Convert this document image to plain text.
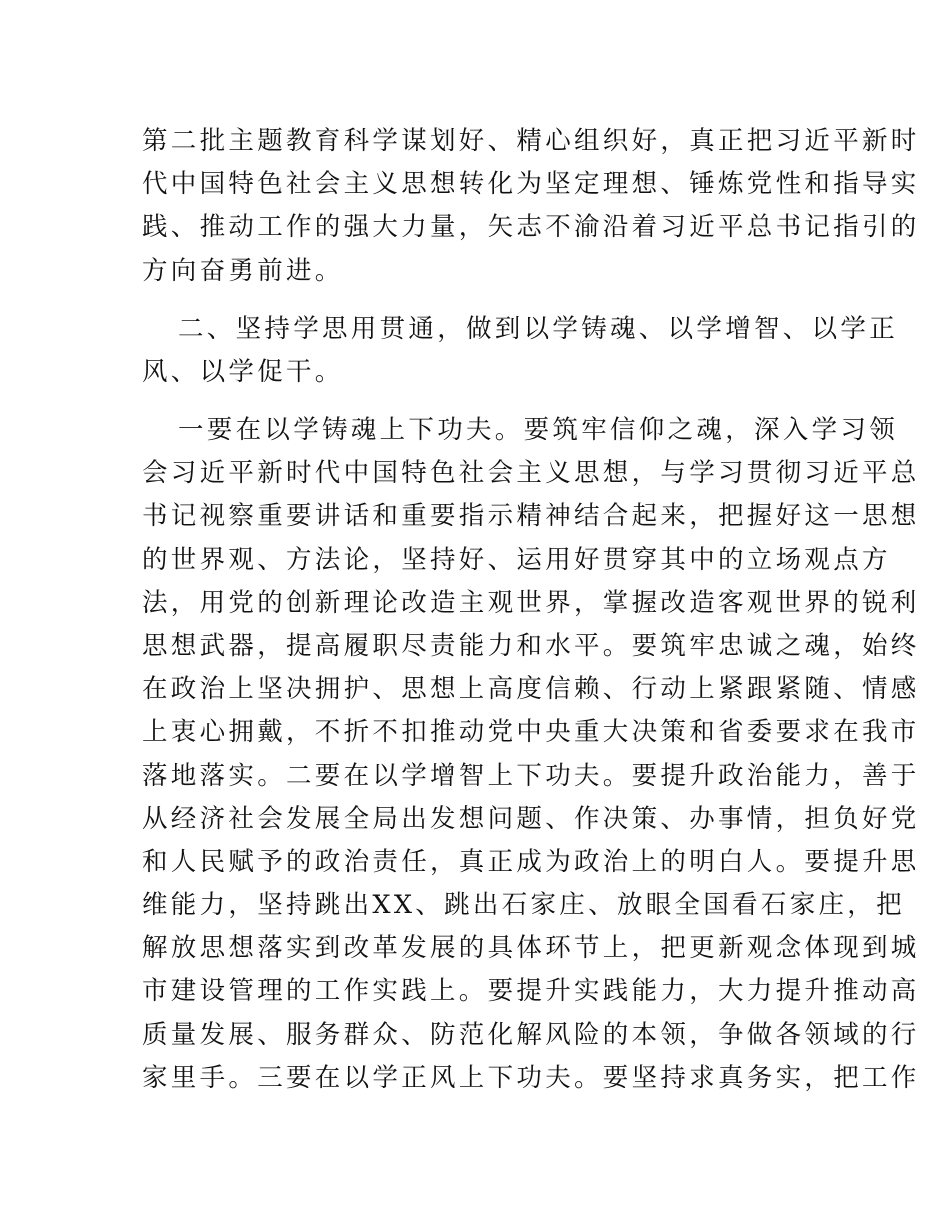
第二批主题教育科学谋划好、精心组织好，真正把习近平新时
代中国特色社会主义思想转化为坚定理想、锤炼党性和指导实
践、推动工作的强大力量，矢志不渝沿着习近平总书记指引的
方向奋勇前进。
二、坚持学思用贯通，做到以学铸魂、以学增智、以学正
风、以学促干。
一要在以学铸魂上下功夫。要筑牢信仰之魂，深入学习领
会习近平新时代中国特色社会主义思想，与学习贯彻习近平总
书记视察重要讲话和重要指示精神结合起来，把握好这一思想
的世界观、方法论，坚持好、运用好贯穿其中的立场观点方
法，用党的创新理论改造主观世界，掌握改造客观世界的锐利
思想武器，提高履职尽责能力和水平。要筑牢忠诚之魂，始终
在政治上坚决拥护、思想上高度信赖、行动上紧跟紧随、情感
上衷心拥戴，不折不扣推动党中央重大决策和省委要求在我市
落地落实。二要在以学增智上下功夫。要提升政治能力，善于
从经济社会发展全局出发想问题、作决策、办事情，担负好党
和人民赋予的政治责任，真正成为政治上的明白人。要提升思
维能力，坚持跳出XX、跳出石家庄、放眼全国看石家庄，把
解放思想落实到改革发展的具体环节上，把更新观念体现到城
市建设管理的工作实践上。要提升实践能力，大力提升推动高
质量发展、服务群众、防范化解风险的本领，争做各领域的行
家里手。三要在以学正风上下功夫。要坚持求真务实，把工作
